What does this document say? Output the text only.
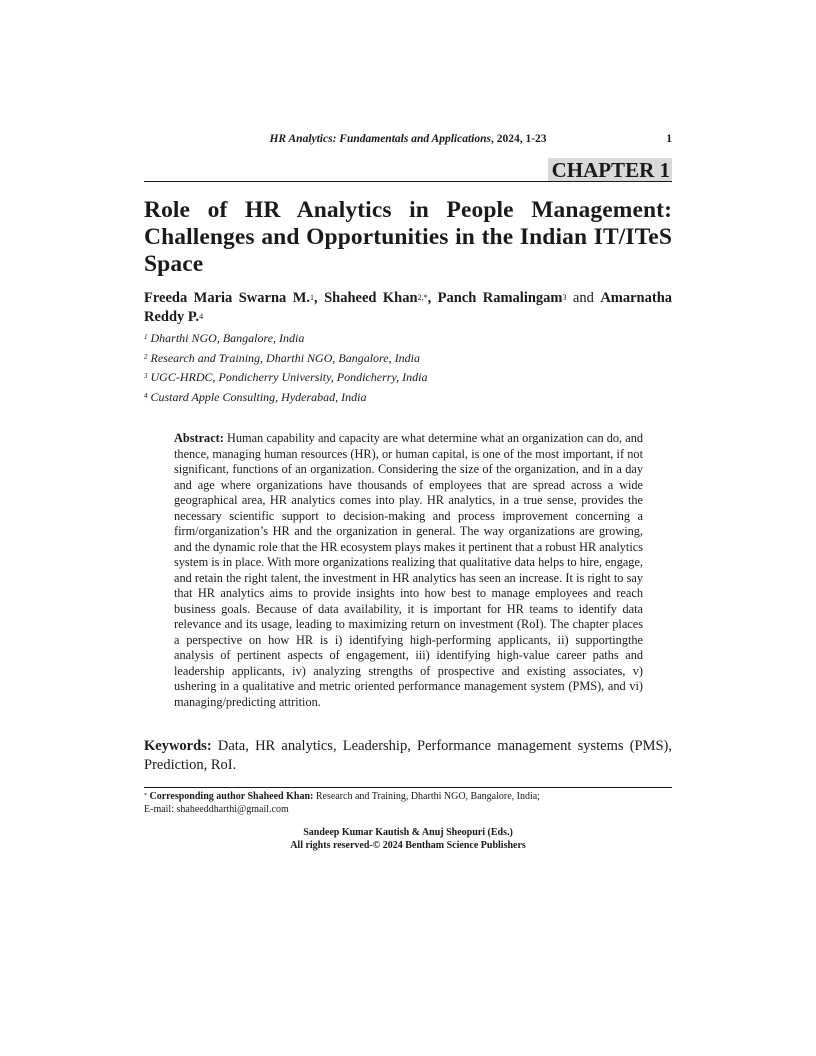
HR Analytics: Fundamentals and Applications, 2024, 1-23	1
CHAPTER 1
Role of HR Analytics in People Management: Challenges and Opportunities in the Indian IT/ITeS Space
Freeda Maria Swarna M.$^1$, Shaheed Khan$^{2,*}$, Panch Ramalingam$^3$ and Amarnatha Reddy P.$^4$
$^1$ Dharthi NGO, Bangalore, India
$^2$ Research and Training, Dharthi NGO, Bangalore, India
$^3$ UGC-HRDC, Pondicherry University, Pondicherry, India
$^4$ Custard Apple Consulting, Hyderabad, India
Abstract: Human capability and capacity are what determine what an organization can do, and thence, managing human resources (HR), or human capital, is one of the most important, if not significant, functions of an organization. Considering the size of the organization, and in a day and age where organizations have thousands of employees that are spread across a wide geographical area, HR analytics comes into play. HR analytics, in a true sense, provides the necessary scientific support to decision-making and process improvement concerning a firm/organization’s HR and the organization in general. The way organizations are growing, and the dynamic role that the HR ecosystem plays makes it pertinent that a robust HR analytics system is in place. With more organizations realizing that qualitative data helps to hire, engage, and retain the right talent, the investment in HR analytics has seen an increase. It is right to say that HR analytics aims to provide insights into how best to manage employees and reach business goals. Because of data availability, it is important for HR teams to identify data relevance and its usage, leading to maximizing return on investment (RoI). The chapter places a perspective on how HR is i) identifying high-performing applicants, ii) supportingthe analysis of pertinent aspects of engagement, iii) identifying high-value career paths and leadership applicants, iv) analyzing strengths of prospective and existing associates, v) ushering in a qualitative and metric oriented performance management system (PMS), and vi) managing/predicting attrition.
Keywords: Data, HR analytics, Leadership, Performance management systems (PMS), Prediction, RoI.
* Corresponding author Shaheed Khan: Research and Training, Dharthi NGO, Bangalore, India;
E-mail: shaheeddharthi@gmail.com
Sandeep Kumar Kautish & Anuj Sheopuri (Eds.)
All rights reserved-© 2024 Bentham Science Publishers
